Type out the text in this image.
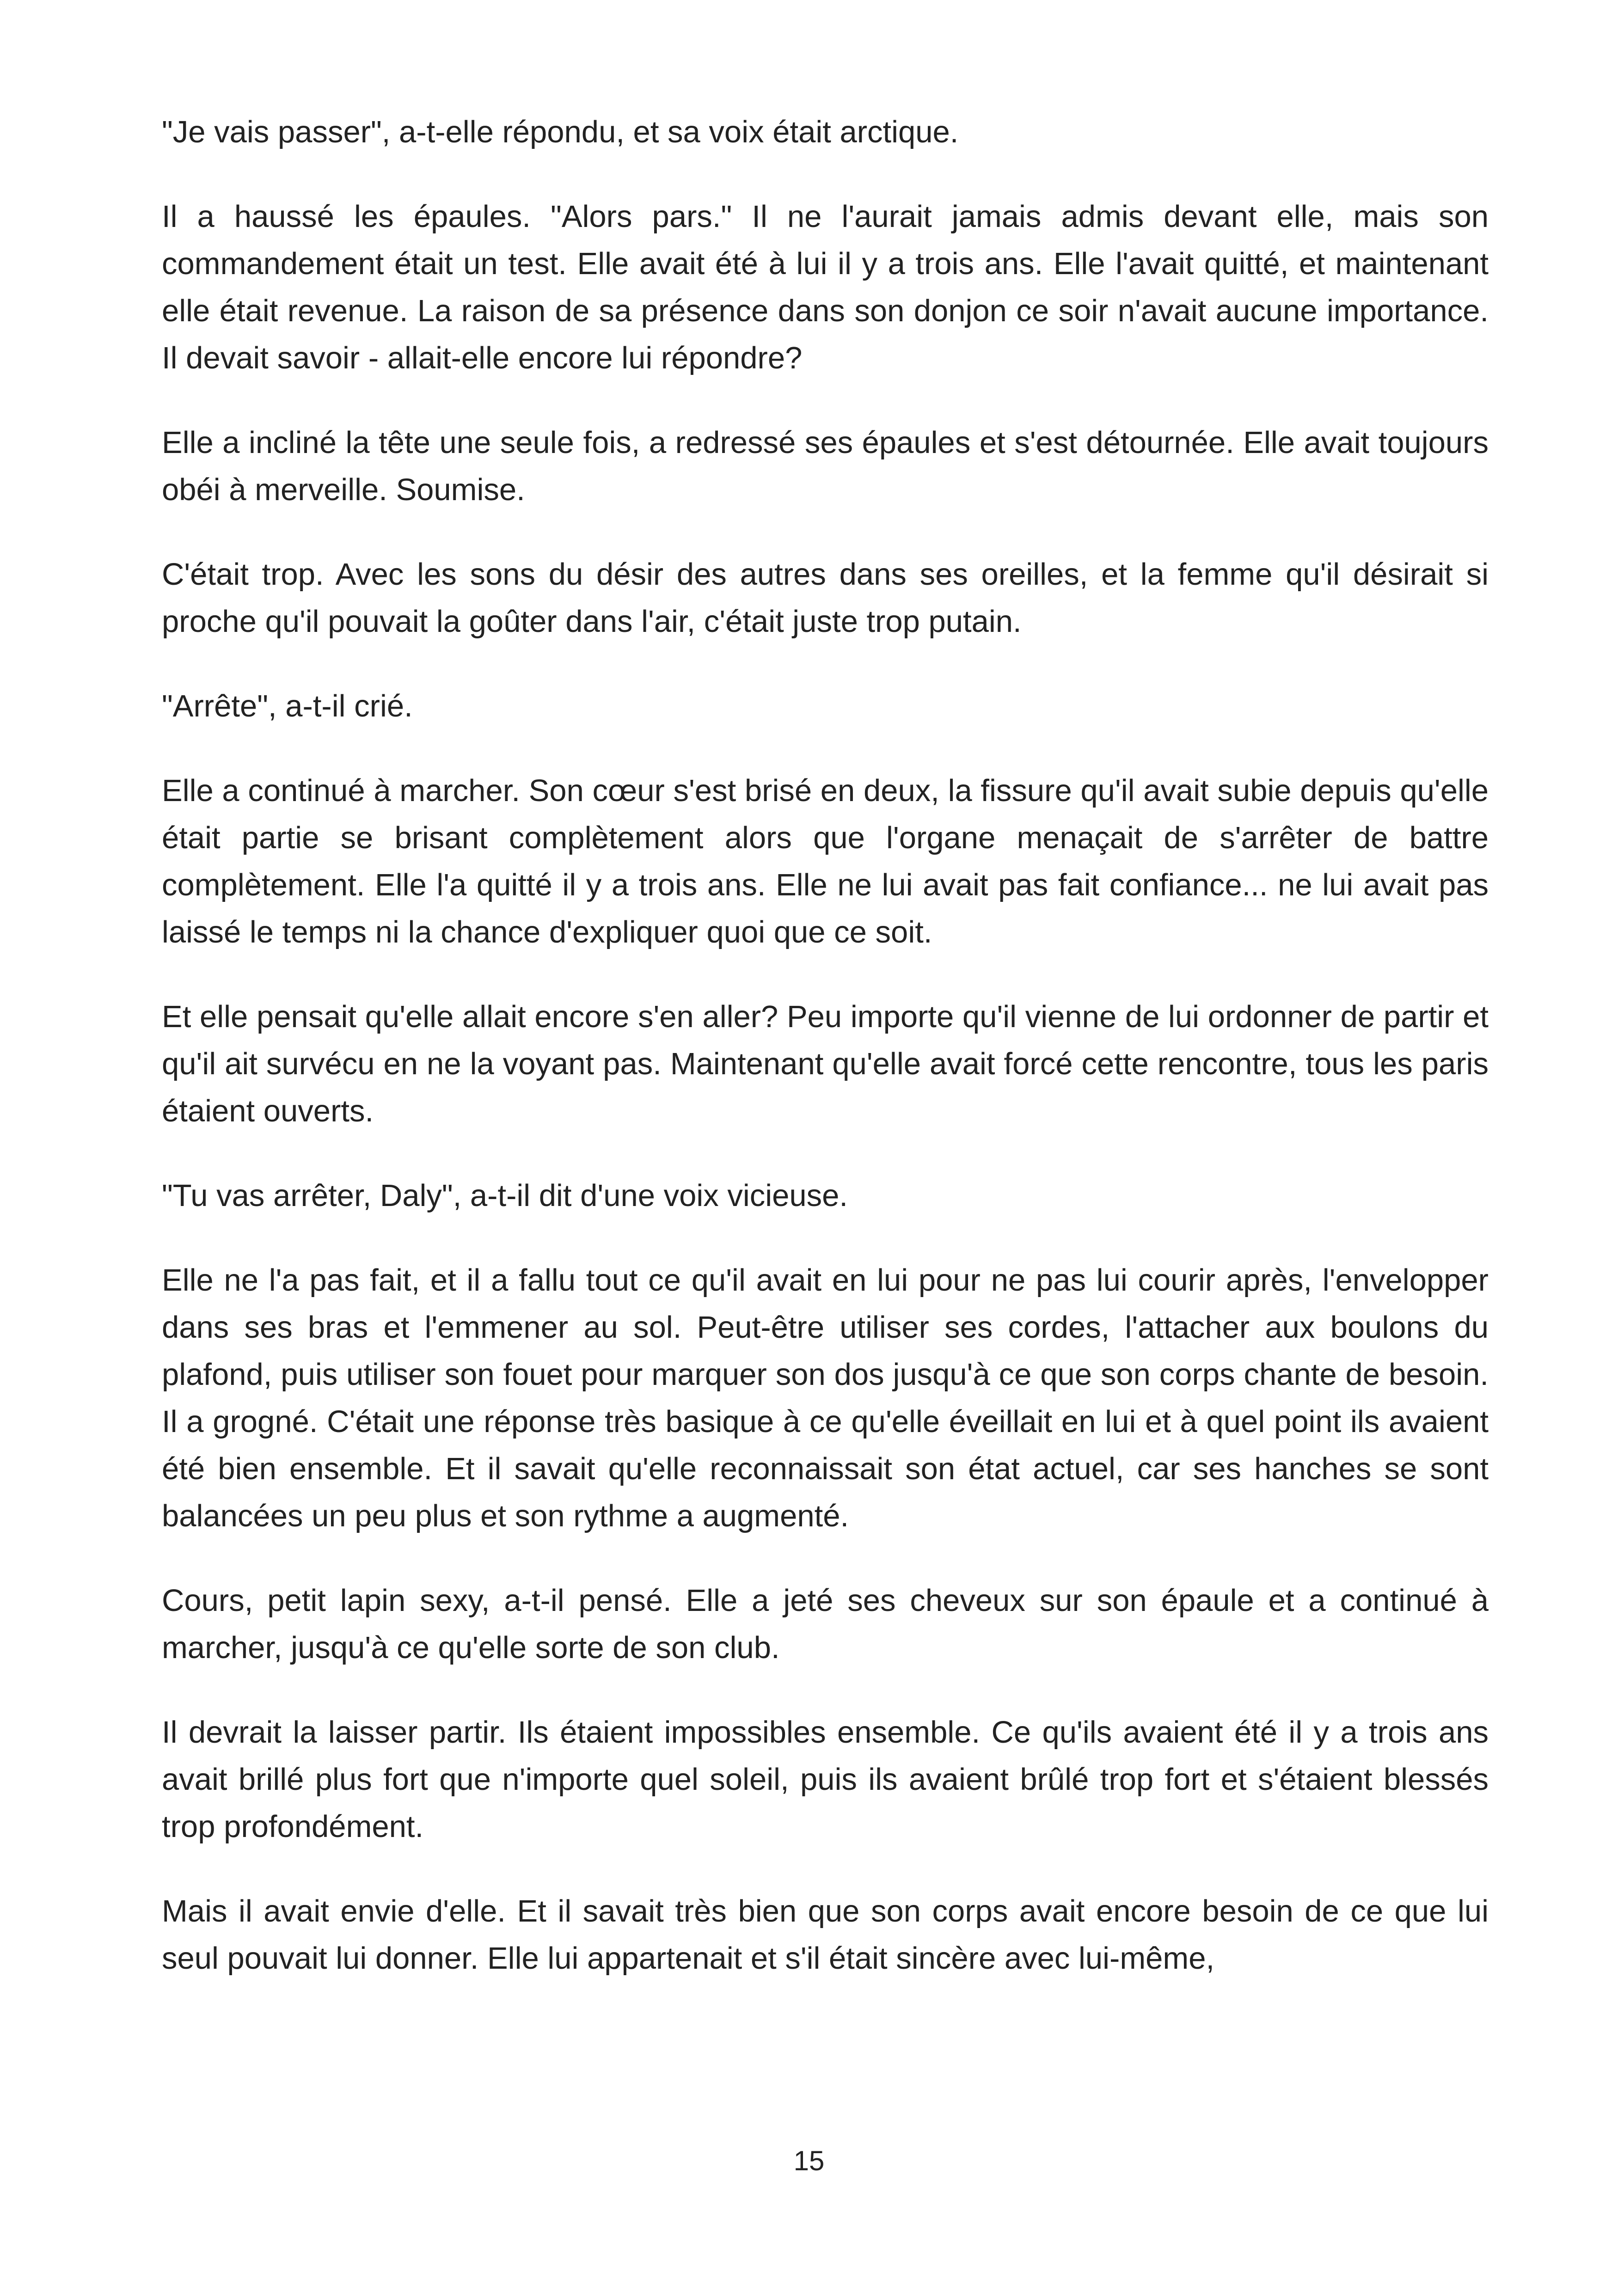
"Je vais passer", a-t-elle répondu, et sa voix était arctique.

Il a haussé les épaules. "Alors pars." Il ne l'aurait jamais admis devant elle, mais son commandement était un test. Elle avait été à lui il y a trois ans. Elle l'avait quitté, et maintenant elle était revenue. La raison de sa présence dans son donjon ce soir n'avait aucune importance. Il devait savoir - allait-elle encore lui répondre?

Elle a incliné la tête une seule fois, a redressé ses épaules et s'est détournée. Elle avait toujours obéi à merveille. Soumise.

C'était trop. Avec les sons du désir des autres dans ses oreilles, et la femme qu'il désirait si proche qu'il pouvait la goûter dans l'air, c'était juste trop putain.

"Arrête", a-t-il crié.

Elle a continué à marcher. Son cœur s'est brisé en deux, la fissure qu'il avait subie depuis qu'elle était partie se brisant complètement alors que l'organe menaçait de s'arrêter de battre complètement. Elle l'a quitté il y a trois ans. Elle ne lui avait pas fait confiance... ne lui avait pas laissé le temps ni la chance d'expliquer quoi que ce soit.

Et elle pensait qu'elle allait encore s'en aller? Peu importe qu'il vienne de lui ordonner de partir et qu'il ait survécu en ne la voyant pas. Maintenant qu'elle avait forcé cette rencontre, tous les paris étaient ouverts.

"Tu vas arrêter, Daly", a-t-il dit d'une voix vicieuse.

Elle ne l'a pas fait, et il a fallu tout ce qu'il avait en lui pour ne pas lui courir après, l'envelopper dans ses bras et l'emmener au sol. Peut-être utiliser ses cordes, l'attacher aux boulons du plafond, puis utiliser son fouet pour marquer son dos jusqu'à ce que son corps chante de besoin. Il a grogné. C'était une réponse très basique à ce qu'elle éveillait en lui et à quel point ils avaient été bien ensemble. Et il savait qu'elle reconnaissait son état actuel, car ses hanches se sont balancées un peu plus et son rythme a augmenté.

Cours, petit lapin sexy, a-t-il pensé. Elle a jeté ses cheveux sur son épaule et a continué à marcher, jusqu'à ce qu'elle sorte de son club.

Il devrait la laisser partir. Ils étaient impossibles ensemble. Ce qu'ils avaient été il y a trois ans avait brillé plus fort que n'importe quel soleil, puis ils avaient brûlé trop fort et s'étaient blessés trop profondément.

Mais il avait envie d'elle. Et il savait très bien que son corps avait encore besoin de ce que lui seul pouvait lui donner. Elle lui appartenait et s'il était sincère avec lui-même,

15
